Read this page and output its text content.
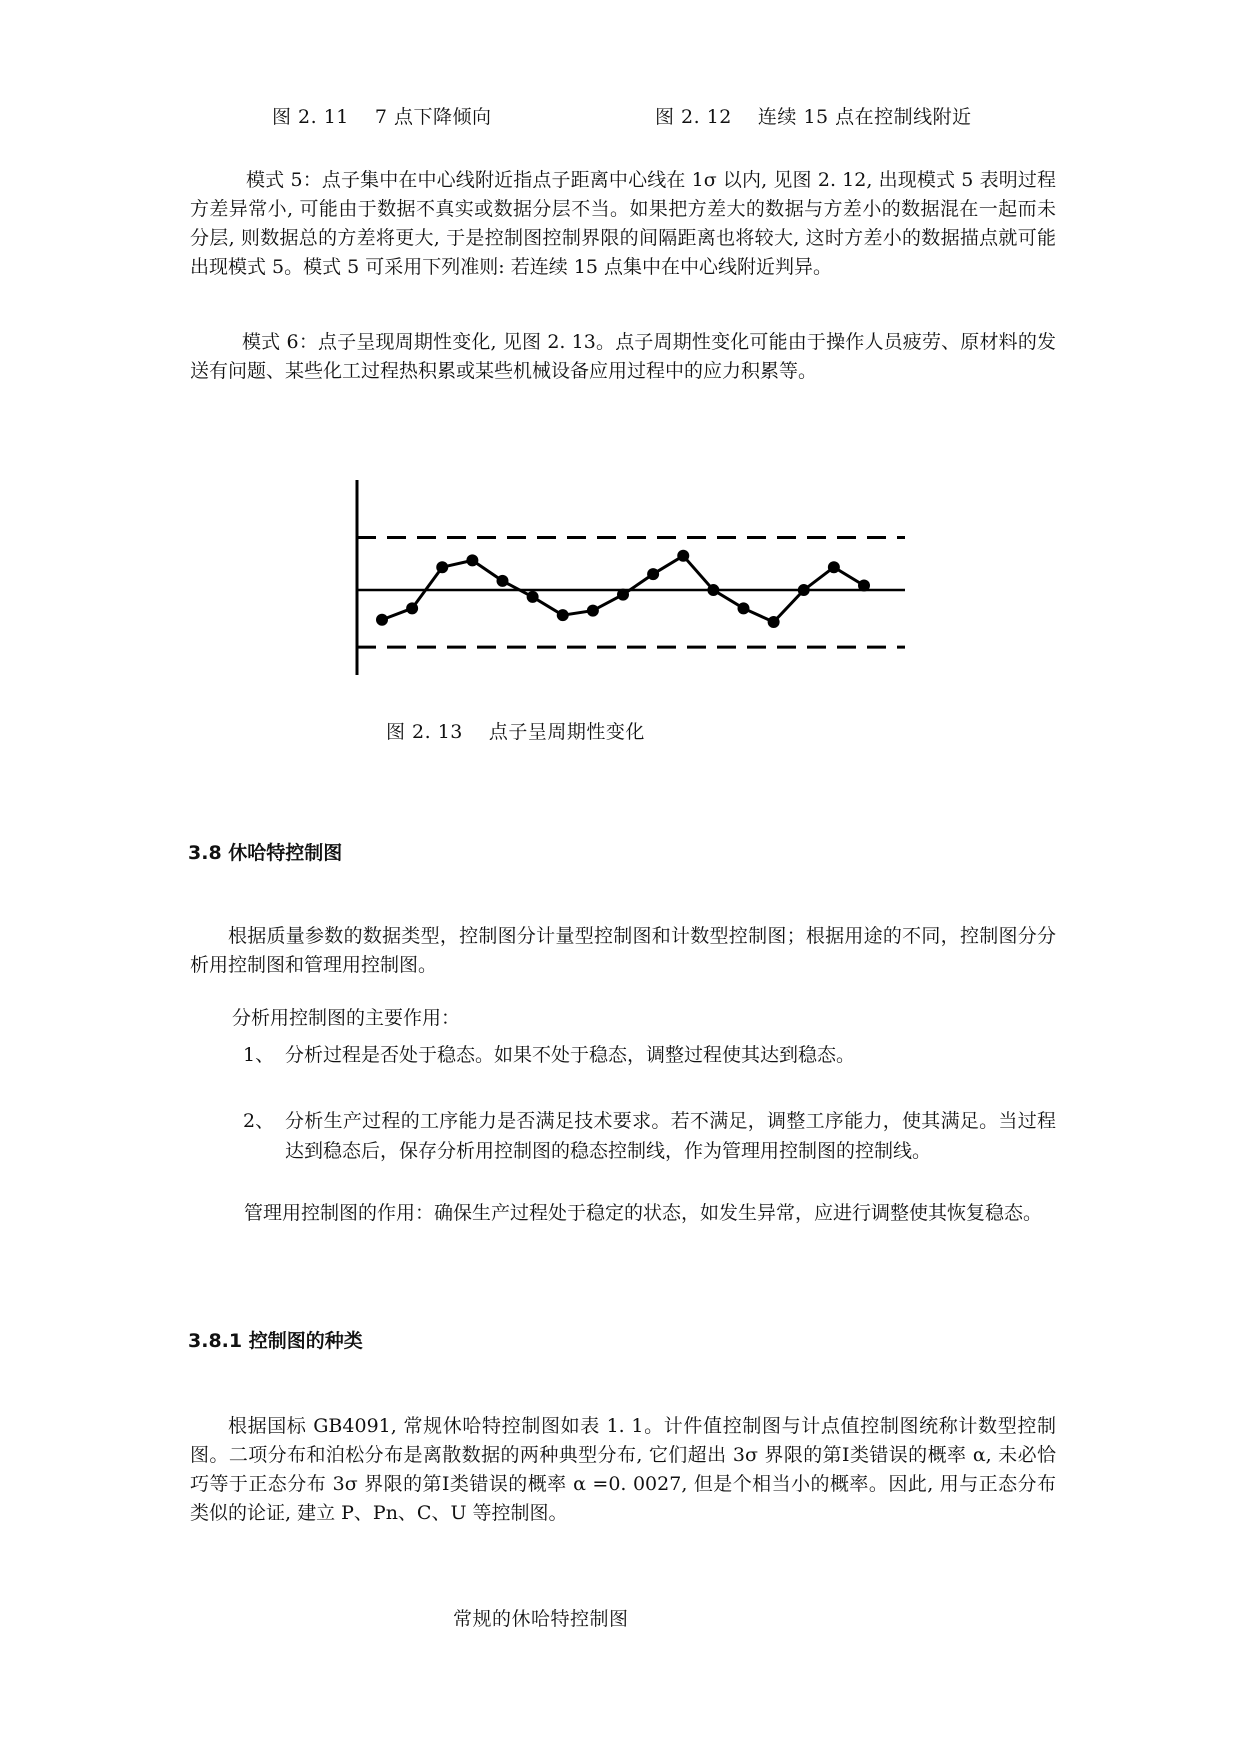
图 2. 11　 7 点下降倾向	图 2. 12　 连续 15 点在控制线附近

模式 5：点子集中在中心线附近指点子距离中心线在 1σ 以内, 见图 2. 12, 出现模式 5 表明过程方差异常小, 可能由于数据不真实或数据分层不当。如果把方差大的数据与方差小的数据混在一起而未分层, 则数据总的方差将更大, 于是控制图控制界限的间隔距离也将较大, 这时方差小的数据描点就可能出现模式 5。模式 5 可采用下列准则: 若连续 15 点集中在中心线附近判异。

模式 6：点子呈现周期性变化, 见图 2. 13。点子周期性变化可能由于操作人员疲劳、原材料的发送有问题、某些化工过程热积累或某些机械设备应用过程中的应力积累等。

图 2. 13　 点子呈周期性变化
3.8 休哈特控制图

根据质量参数的数据类型，控制图分计量型控制图和计数型控制图；根据用途的不同，控制图分分析用控制图和管理用控制图。

分析用控制图的主要作用：

1、 分析过程是否处于稳态。如果不处于稳态，调整过程使其达到稳态。
2、 分析生产过程的工序能力是否满足技术要求。若不满足，调整工序能力，使其满足。当过程达到稳态后，保存分析用控制图的稳态控制线，作为管理用控制图的控制线。

管理用控制图的作用：确保生产过程处于稳定的状态，如发生异常，应进行调整使其恢复稳态。

3.8.1 控制图的种类

根据国标 GB4091, 常规休哈特控制图如表 1. 1。计件值控制图与计点值控制图统称计数型控制图。二项分布和泊松分布是离散数据的两种典型分布, 它们超出 3σ 界限的第Ⅰ类错误的概率 α, 未必恰巧等于正态分布 3σ 界限的第Ⅰ类错误的概率 α =0. 0027, 但是个相当小的概率。因此, 用与正态分布类似的论证, 建立 P、Pn、C、U 等控制图。

常规的休哈特控制图
